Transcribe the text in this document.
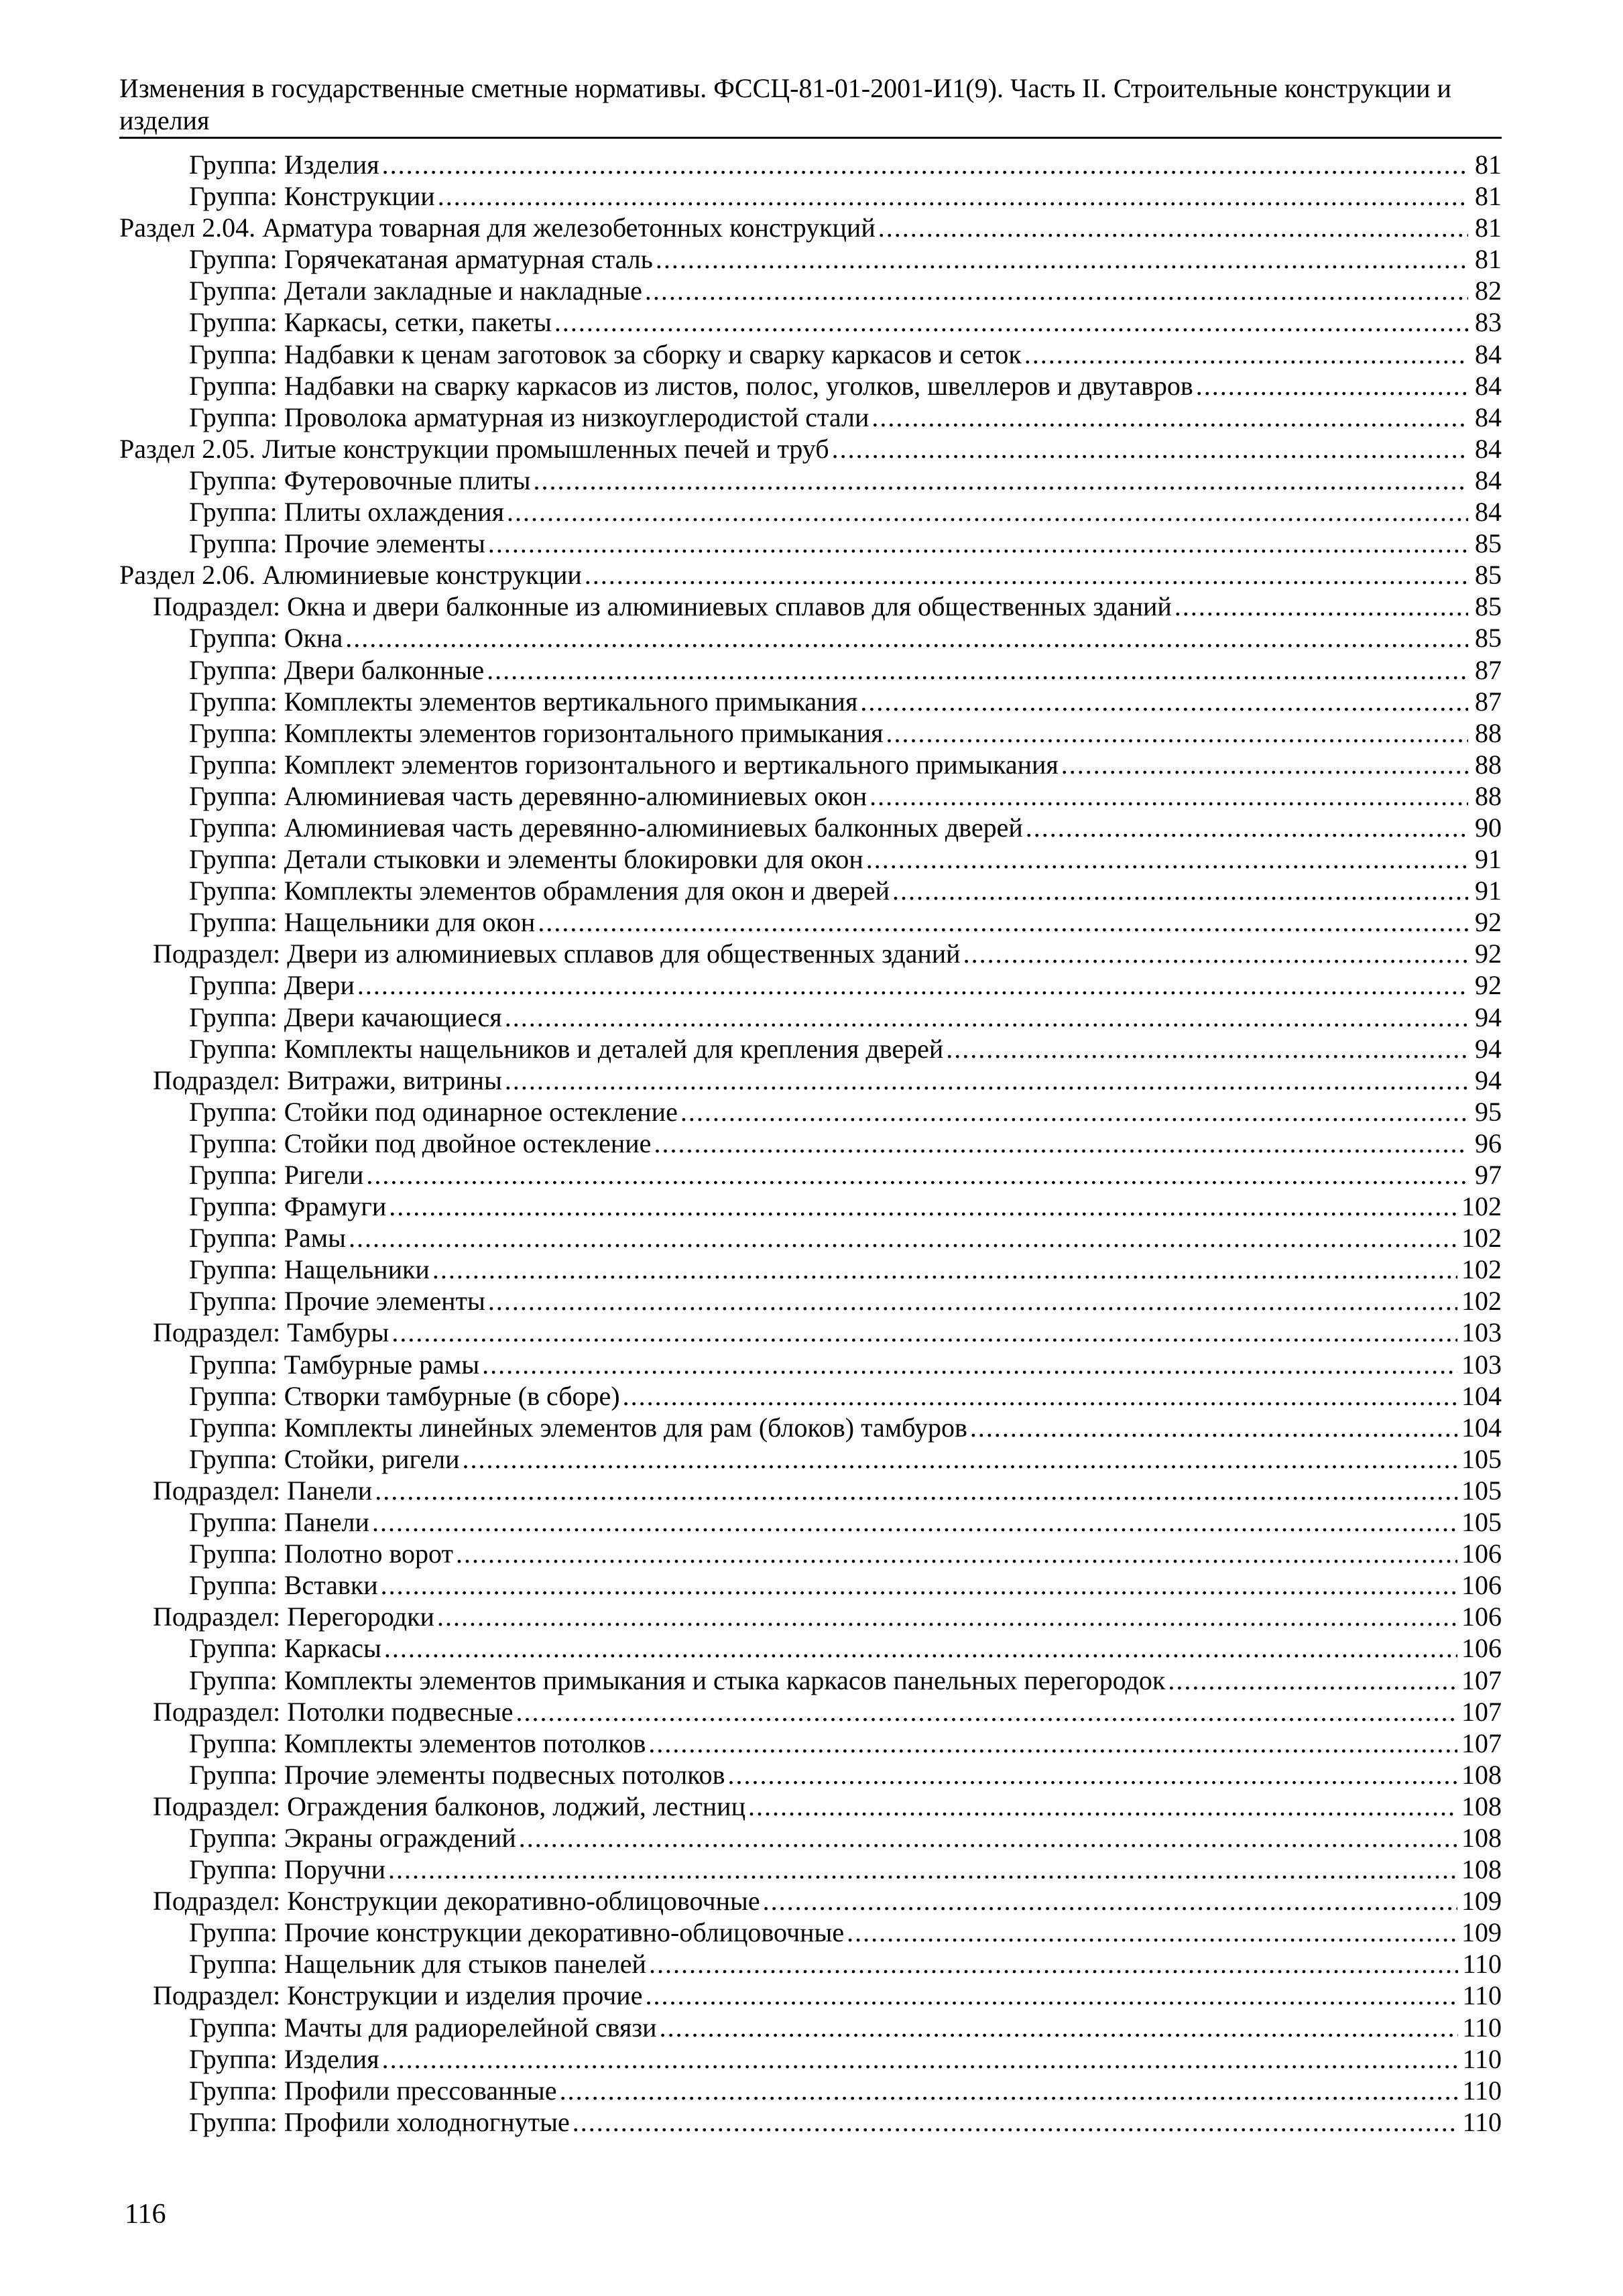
Изменения в государственные сметные нормативы. ФССЦ-81-01-2001-И1(9). Часть II. Строительные конструкции и изделия
Группа: Изделия .....	81
Группа: Конструкции .....	81
Раздел 2.04. Арматура товарная для железобетонных конструкций .....	81
Группа: Горячекатаная арматурная сталь .....	81
Группа: Детали закладные и накладные .....	82
Группа: Каркасы, сетки, пакеты .....	83
Группа: Надбавки к ценам заготовок за сборку и сварку каркасов и сеток .....	84
Группа: Надбавки на сварку каркасов из листов, полос, уголков, швеллеров и двутавров .....	84
Группа: Проволока арматурная из низкоуглеродистой стали .....	84
Раздел 2.05. Литые конструкции промышленных печей и труб .....	84
Группа: Футеровочные плиты .....	84
Группа: Плиты охлаждения .....	84
Группа: Прочие элементы .....	85
Раздел 2.06. Алюминиевые конструкции .....	85
Подраздел: Окна и двери балконные из алюминиевых сплавов для общественных зданий .....	85
Группа: Окна .....	85
Группа: Двери балконные .....	87
Группа: Комплекты элементов вертикального примыкания .....	87
Группа: Комплекты элементов горизонтального примыкания .....	88
Группа: Комплект элементов горизонтального и вертикального примыкания .....	88
Группа: Алюминиевая часть деревянно-алюминиевых окон .....	88
Группа: Алюминиевая часть деревянно-алюминиевых балконных дверей .....	90
Группа: Детали стыковки и элементы блокировки для окон .....	91
Группа: Комплекты элементов обрамления для окон и дверей .....	91
Группа: Нащельники для окон .....	92
Подраздел: Двери из алюминиевых сплавов для общественных зданий .....	92
Группа: Двери .....	92
Группа: Двери качающиеся .....	94
Группа: Комплекты нащельников и деталей для крепления дверей .....	94
Подраздел: Витражи, витрины .....	94
Группа: Стойки под одинарное остекление .....	95
Группа: Стойки под двойное остекление .....	96
Группа: Ригели .....	97
Группа: Фрамуги .....	102
Группа: Рамы .....	102
Группа: Нащельники .....	102
Группа: Прочие элементы .....	102
Подраздел: Тамбуры .....	103
Группа: Тамбурные рамы .....	103
Группа: Створки тамбурные (в сборе) .....	104
Группа: Комплекты линейных элементов для рам (блоков) тамбуров .....	104
Группа: Стойки, ригели .....	105
Подраздел: Панели .....	105
Группа: Панели .....	105
Группа: Полотно ворот .....	106
Группа: Вставки .....	106
Подраздел: Перегородки .....	106
Группа: Каркасы .....	106
Группа: Комплекты элементов примыкания и стыка каркасов панельных перегородок .....	107
Подраздел: Потолки подвесные .....	107
Группа: Комплекты элементов потолков .....	107
Группа: Прочие элементы подвесных потолков .....	108
Подраздел: Ограждения балконов, лоджий, лестниц .....	108
Группа: Экраны ограждений .....	108
Группа: Поручни .....	108
Подраздел: Конструкции декоративно-облицовочные .....	109
Группа: Прочие конструкции декоративно-облицовочные .....	109
Группа: Нащельник для стыков панелей .....	110
Подраздел: Конструкции и изделия прочие .....	110
Группа: Мачты для радиорелейной связи .....	110
Группа: Изделия .....	110
Группа: Профили прессованные .....	110
Группа: Профили холодногнутые .....	110
116
